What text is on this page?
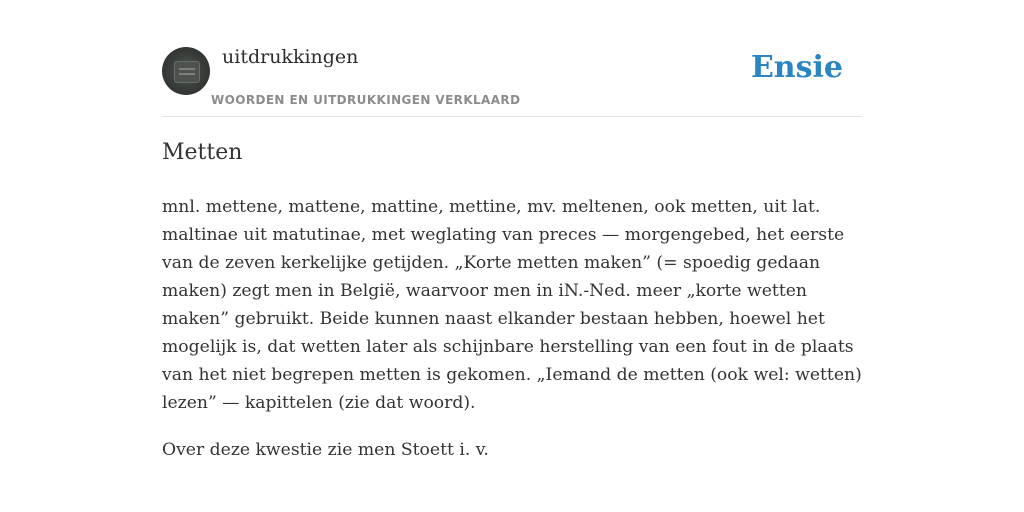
uitdrukkingen
WOORDEN EN UITDRUKKINGEN VERKLAARD
Ensie
Metten

mnl. mettene, mattene, mattine, mettine, mv. meltenen, ook metten, uit lat. maltinae uit matutinae, met weglating van preces — morgengebed, het eerste van de zeven kerkelijke getijden. „Korte metten maken” (= spoedig gedaan maken) zegt men in België, waarvoor men in iN.-Ned. meer „korte wetten maken” gebruikt. Beide kunnen naast elkander bestaan hebben, hoewel het mogelijk is, dat wetten later als schijnbare herstelling van een fout in de plaats van het niet begrepen metten is gekomen. „Iemand de metten (ook wel: wetten) lezen” — kapittelen (zie dat woord).

Over deze kwestie zie men Stoett i. v.
